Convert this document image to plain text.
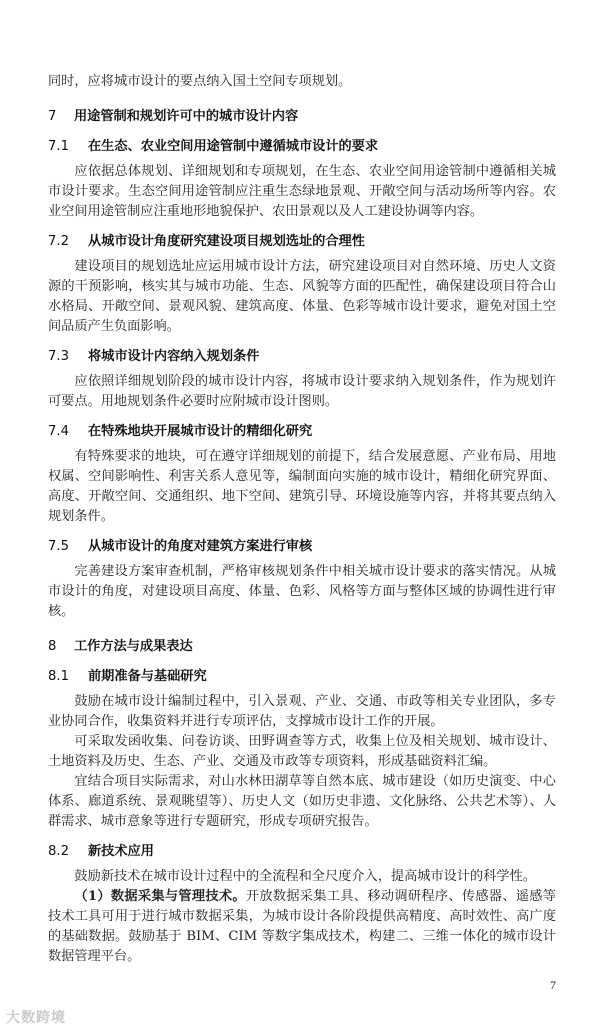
同时，应将城市设计的要点纳入国土空间专项规划。
7 用途管制和规划许可中的城市设计内容
7.1 在生态、农业空间用途管制中遵循城市设计的要求
应依据总体规划、详细规划和专项规划，在生态、农业空间用途管制中遵循相关城市设计要求。生态空间用途管制应注重生态绿地景观、开敞空间与活动场所等内容。农业空间用途管制应注重地形地貌保护、农田景观以及人工建设协调等内容。
7.2 从城市设计角度研究建设项目规划选址的合理性
建设项目的规划选址应运用城市设计方法，研究建设项目对自然环境、历史人文资源的干预影响，核实其与城市功能、生态、风貌等方面的匹配性，确保建设项目符合山水格局、开敞空间、景观风貌、建筑高度、体量、色彩等城市设计要求，避免对国土空间品质产生负面影响。
7.3 将城市设计内容纳入规划条件
应依照详细规划阶段的城市设计内容，将城市设计要求纳入规划条件，作为规划许可要点。用地规划条件必要时应附城市设计图则。
7.4 在特殊地块开展城市设计的精细化研究
有特殊要求的地块，可在遵守详细规划的前提下，结合发展意愿、产业布局、用地权属、空间影响性、利害关系人意见等，编制面向实施的城市设计，精细化研究界面、高度、开敞空间、交通组织、地下空间、建筑引导、环境设施等内容，并将其要点纳入规划条件。
7.5 从城市设计的角度对建筑方案进行审核
完善建设方案审查机制，严格审核规划条件中相关城市设计要求的落实情况。从城市设计的角度，对建设项目高度、体量、色彩、风格等方面与整体区域的协调性进行审核。
8 工作方法与成果表达
8.1 前期准备与基础研究
鼓励在城市设计编制过程中，引入景观、产业、交通、市政等相关专业团队，多专业协同合作，收集资料并进行专项评估，支撑城市设计工作的开展。
可采取发函收集、问卷访谈、田野调查等方式，收集上位及相关规划、城市设计、土地资料及历史、生态、产业、交通及市政等专项资料，形成基础资料汇编。
宜结合项目实际需求，对山水林田湖草等自然本底、城市建设（如历史演变、中心体系、廊道系统、景观眺望等）、历史人文（如历史非遗、文化脉络、公共艺术等）、人群需求、城市意象等进行专题研究，形成专项研究报告。
8.2 新技术应用
鼓励新技术在城市设计过程中的全流程和全尺度介入，提高城市设计的科学性。
（1）数据采集与管理技术。开放数据采集工具、移动调研程序、传感器、遥感等技术工具可用于进行城市数据采集，为城市设计各阶段提供高精度、高时效性、高广度的基础数据。鼓励基于 BIM、CIM 等数字集成技术，构建二、三维一体化的城市设计数据管理平台。
7
大数跨境
